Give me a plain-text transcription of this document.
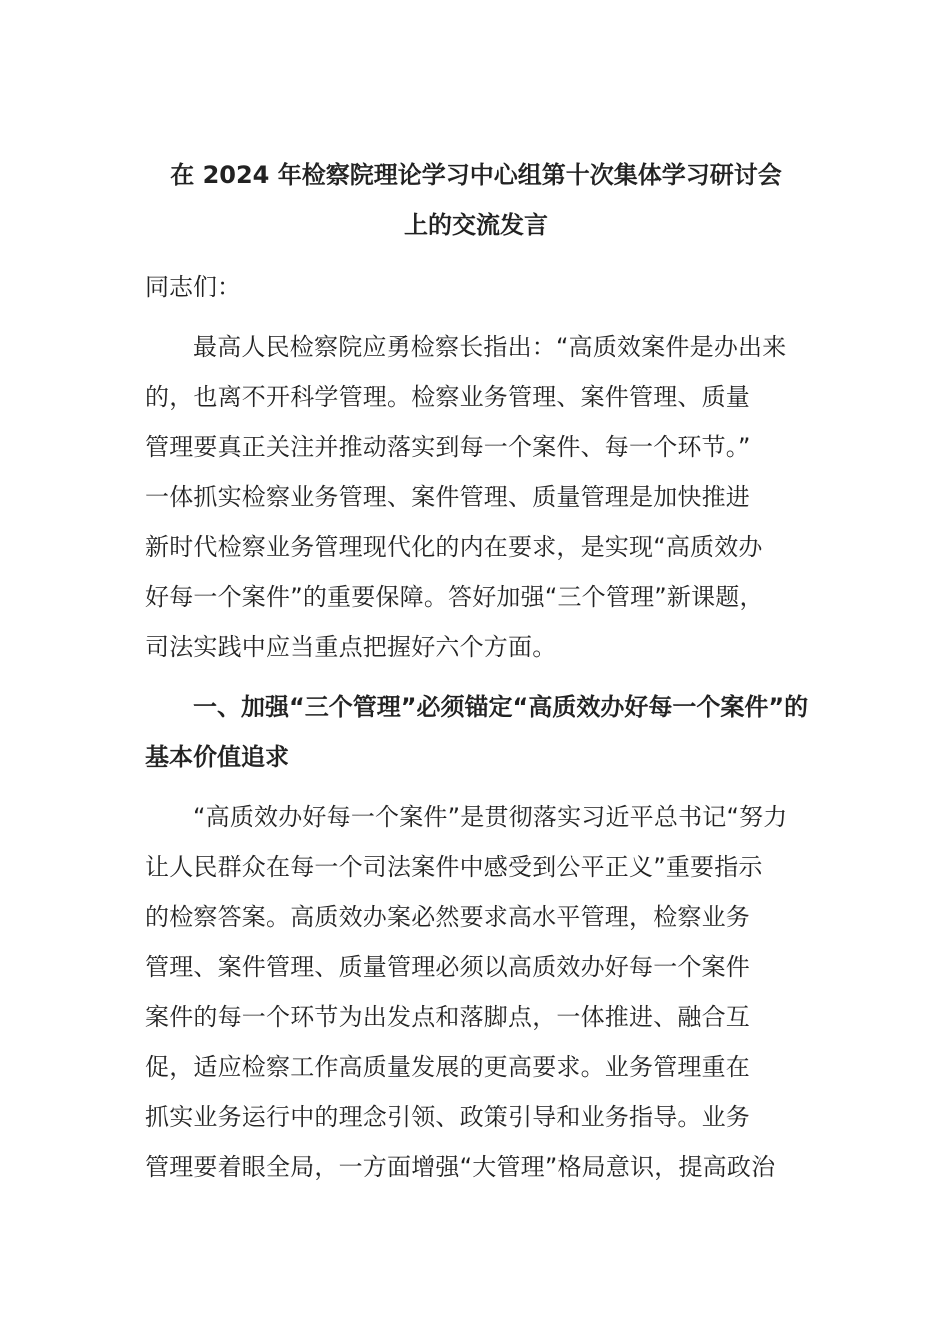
在 2024 年检察院理论学习中心组第十次集体学习研讨会
上的交流发言

同志们：

最高人民检察院应勇检察长指出：“高质效案件是办出来
的，也离不开科学管理。检察业务管理、案件管理、质量
管理要真正关注并推动落实到每一个案件、每一个环节。”
一体抓实检察业务管理、案件管理、质量管理是加快推进
新时代检察业务管理现代化的内在要求，是实现“高质效办
好每一个案件”的重要保障。答好加强“三个管理”新课题，
司法实践中应当重点把握好六个方面。

一、加强“三个管理”必须锚定“高质效办好每一个案件”的
基本价值追求

“高质效办好每一个案件”是贯彻落实习近平总书记“努力
让人民群众在每一个司法案件中感受到公平正义”重要指示
的检察答案。高质效办案必然要求高水平管理，检察业务
管理、案件管理、质量管理必须以高质效办好每一个案件
案件的每一个环节为出发点和落脚点，一体推进、融合互
促，适应检察工作高质量发展的更高要求。业务管理重在
抓实业务运行中的理念引领、政策引导和业务指导。业务
管理要着眼全局，一方面增强“大管理”格局意识，提高政治
